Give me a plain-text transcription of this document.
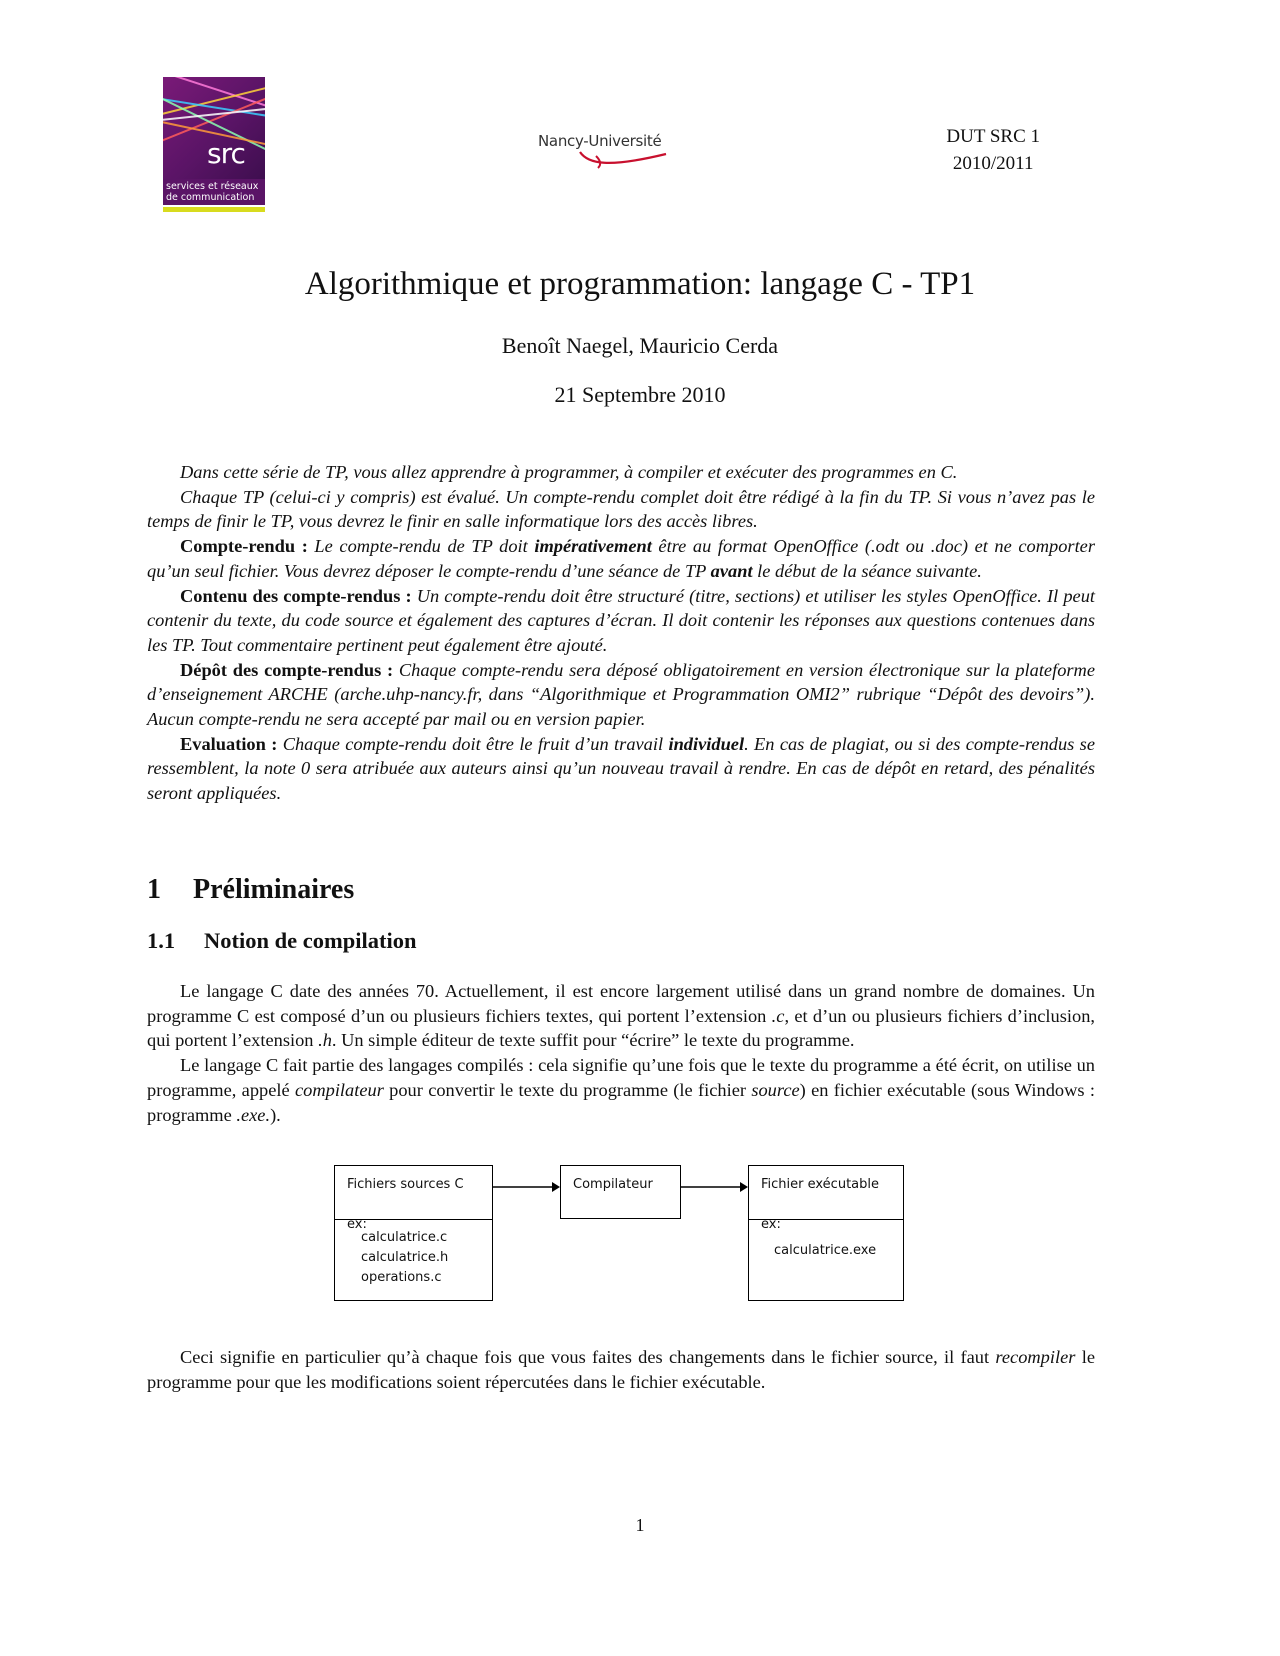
src
services et réseaux
de communication
Nancy-Université	DUT SRC 1
2010/2011
Algorithmique et programmation: langage C - TP1
Benoît Naegel, Mauricio Cerda
21 Septembre 2010

Dans cette série de TP, vous allez apprendre à programmer, à compiler et exécuter des programmes en C.

Chaque TP (celui-ci y compris) est évalué. Un compte-rendu complet doit être rédigé à la fin du TP. Si vous n’avez pas le temps de finir le TP, vous devrez le finir en salle informatique lors des accès libres.

Compte-rendu : Le compte-rendu de TP doit impérativement être au format OpenOffice (.odt ou .doc) et ne comporter qu’un seul fichier. Vous devrez déposer le compte-rendu d’une séance de TP avant le début de la séance suivante.

Contenu des compte-rendus : Un compte-rendu doit être structuré (titre, sections) et utiliser les styles OpenOffice. Il peut contenir du texte, du code source et également des captures d’écran. Il doit contenir les réponses aux questions contenues dans les TP. Tout commentaire pertinent peut également être ajouté.

Dépôt des compte-rendus : Chaque compte-rendu sera déposé obligatoirement en version électronique sur la plateforme d’enseignement ARCHE (arche.uhp-nancy.fr, dans “Algorithmique et Programmation OMI2” rubrique “Dépôt des devoirs”). Aucun compte-rendu ne sera accepté par mail ou en version papier.

Evaluation : Chaque compte-rendu doit être le fruit d’un travail individuel. En cas de plagiat, ou si des compte-rendus se ressemblent, la note 0 sera atribuée aux auteurs ainsi qu’un nouveau travail à rendre. En cas de dépôt en retard, des pénalités seront appliquées.

1 Préliminaires
1.1 Notion de compilation

Le langage C date des années 70. Actuellement, il est encore largement utilisé dans un grand nombre de domaines. Un programme C est composé d’un ou plusieurs fichiers textes, qui portent l’extension .c, et d’un ou plusieurs fichiers d’inclusion, qui portent l’extension .h. Un simple éditeur de texte suffit pour “écrire” le texte du programme.

Le langage C fait partie des langages compilés : cela signifie qu’une fois que le texte du programme a été écrit, on utilise un programme, appelé compilateur pour convertir le texte du programme (le fichier source) en fichier exécutable (sous Windows : programme .exe.).

Fichiers sources C
ex:
calculatrice.c
calculatrice.h
operations.c
Compilateur	Fichier exécutable
ex:
calculatrice.exe

Ceci signifie en particulier qu’à chaque fois que vous faites des changements dans le fichier source, il faut recompiler le programme pour que les modifications soient répercutées dans le fichier exécutable.

1
